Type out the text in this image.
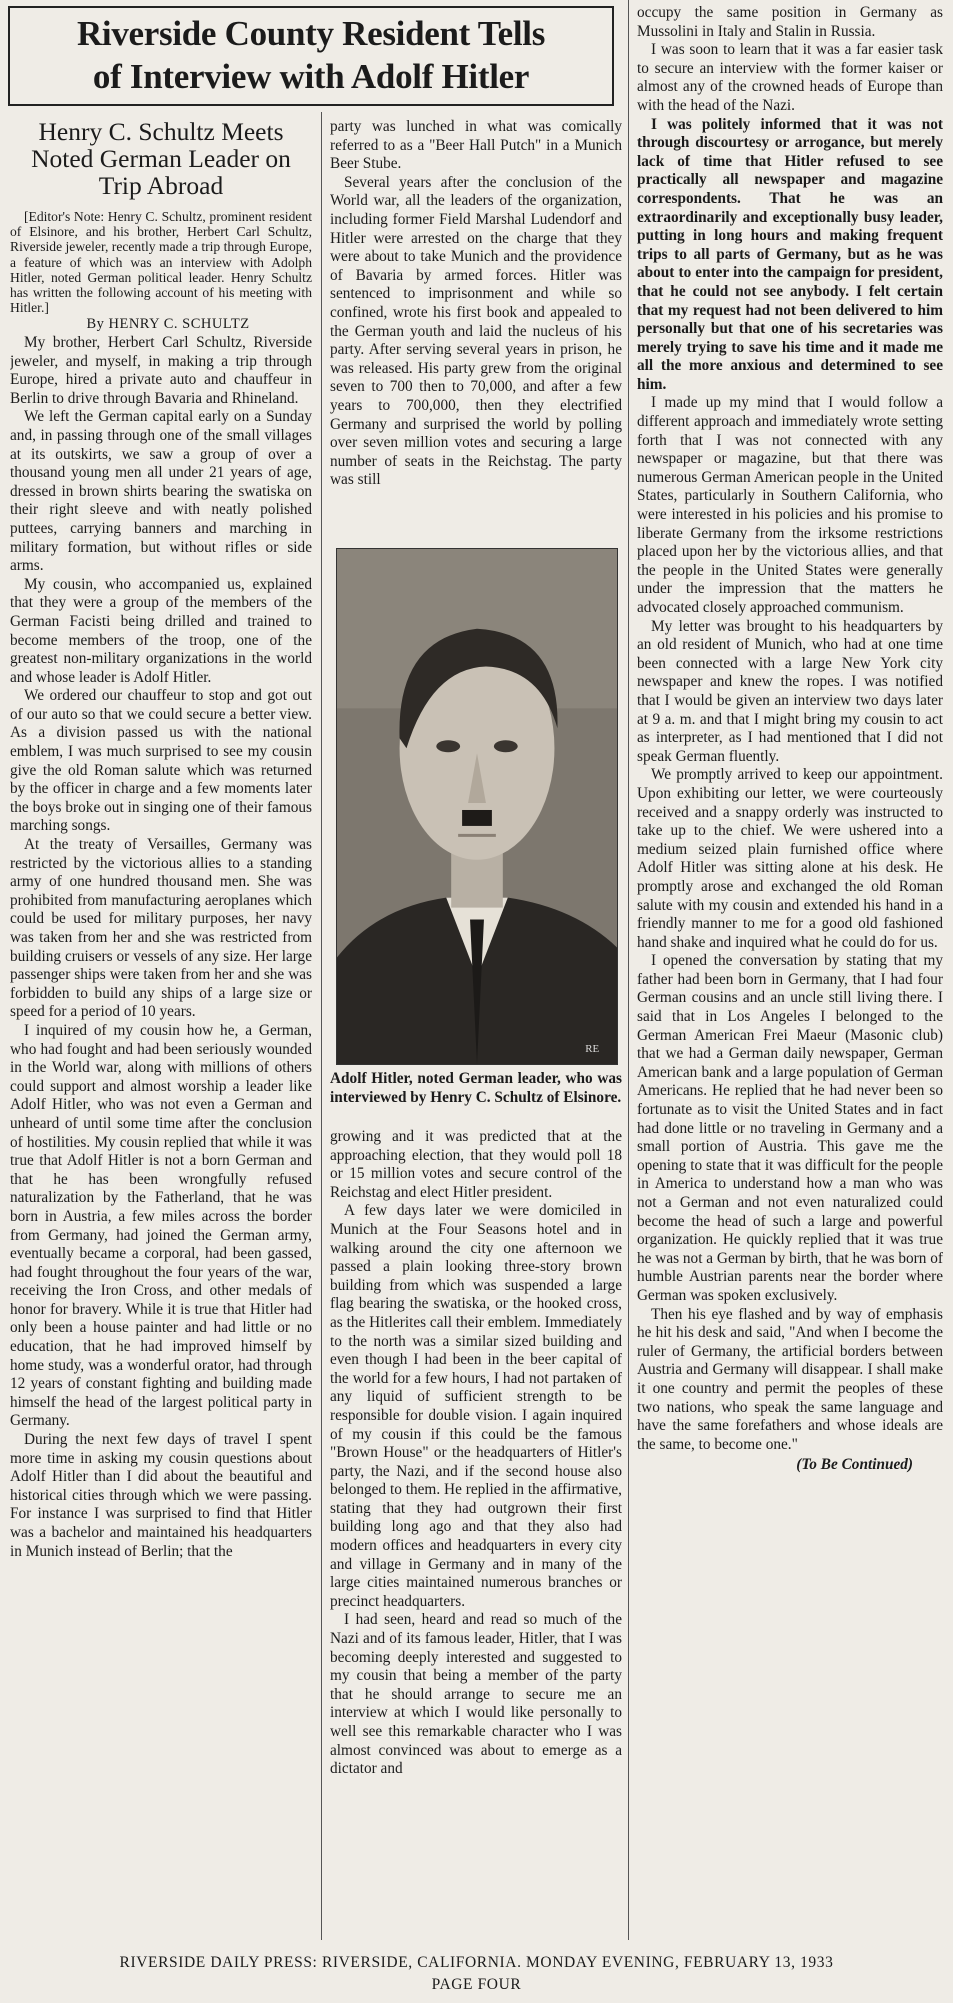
Riverside County Resident Tells
of Interview with Adolf Hitler
Henry C. Schultz Meets Noted German Leader on Trip Abroad

[Editor's Note: Henry C. Schultz, prominent resident of Elsinore, and his brother, Herbert Carl Schultz, Riverside jeweler, recently made a trip through Europe, a feature of which was an interview with Adolph Hitler, noted German political leader. Henry Schultz has written the following account of his meeting with Hitler.]

By HENRY C. SCHULTZ

My brother, Herbert Carl Schultz, Riverside jeweler, and myself, in making a trip through Europe, hired a private auto and chauffeur in Berlin to drive through Bavaria and Rhineland.

We left the German capital early on a Sunday and, in passing through one of the small villages at its outskirts, we saw a group of over a thousand young men all under 21 years of age, dressed in brown shirts bearing the swatiska on their right sleeve and with neatly polished puttees, carrying banners and marching in military formation, but without rifles or side arms.

My cousin, who accompanied us, explained that they were a group of the members of the German Facisti being drilled and trained to become members of the troop, one of the greatest non-military organizations in the world and whose leader is Adolf Hitler.

We ordered our chauffeur to stop and got out of our auto so that we could secure a better view. As a division passed us with the national emblem, I was much surprised to see my cousin give the old Roman salute which was returned by the officer in charge and a few moments later the boys broke out in singing one of their famous marching songs.

At the treaty of Versailles, Germany was restricted by the victorious allies to a standing army of one hundred thousand men. She was prohibited from manufacturing aeroplanes which could be used for military purposes, her navy was taken from her and she was restricted from building cruisers or vessels of any size. Her large passenger ships were taken from her and she was forbidden to build any ships of a large size or speed for a period of 10 years.

I inquired of my cousin how he, a German, who had fought and had been seriously wounded in the World war, along with millions of others could support and almost worship a leader like Adolf Hitler, who was not even a German and unheard of until some time after the conclusion of hostilities. My cousin replied that while it was true that Adolf Hitler is not a born German and that he has been wrongfully refused naturalization by the Fatherland, that he was born in Austria, a few miles across the border from Germany, had joined the German army, eventually became a corporal, had been gassed, had fought throughout the four years of the war, receiving the Iron Cross, and other medals of honor for bravery. While it is true that Hitler had only been a house painter and had little or no education, that he had improved himself by home study, was a wonderful orator, had through 12 years of constant fighting and building made himself the head of the largest political party in Germany.

During the next few days of travel I spent more time in asking my cousin questions about Adolf Hitler than I did about the beautiful and historical cities through which we were passing. For instance I was surprised to find that Hitler was a bachelor and maintained his headquarters in Munich instead of Berlin; that the

party was lunched in what was comically referred to as a "Beer Hall Putch" in a Munich Beer Stube.

Several years after the conclusion of the World war, all the leaders of the organization, including former Field Marshal Ludendorf and Hitler were arrested on the charge that they were about to take Munich and the providence of Bavaria by armed forces. Hitler was sentenced to imprisonment and while so confined, wrote his first book and appealed to the German youth and laid the nucleus of his party. After serving several years in prison, he was released. His party grew from the original seven to 700 then to 70,000, and after a few years to 700,000, then they electrified Germany and surprised the world by polling over seven million votes and securing a large number of seats in the Reichstag. The party was still

RE
Adolf Hitler, noted German leader, who was interviewed by Henry C. Schultz of Elsinore.

growing and it was predicted that at the approaching election, that they would poll 18 or 15 million votes and secure control of the Reichstag and elect Hitler president.

A few days later we were domiciled in Munich at the Four Seasons hotel and in walking around the city one afternoon we passed a plain looking three-story brown building from which was suspended a large flag bearing the swatiska, or the hooked cross, as the Hitlerites call their emblem. Immediately to the north was a similar sized building and even though I had been in the beer capital of the world for a few hours, I had not partaken of any liquid of sufficient strength to be responsible for double vision. I again inquired of my cousin if this could be the famous "Brown House" or the headquarters of Hitler's party, the Nazi, and if the second house also belonged to them. He replied in the affirmative, stating that they had outgrown their first building long ago and that they also had modern offices and headquarters in every city and village in Germany and in many of the large cities maintained numerous branches or precinct headquarters.

I had seen, heard and read so much of the Nazi and of its famous leader, Hitler, that I was becoming deeply interested and suggested to my cousin that being a member of the party that he should arrange to secure me an interview at which I would like personally to well see this remarkable character who I was almost convinced was about to emerge as a dictator and

occupy the same position in Germany as Mussolini in Italy and Stalin in Russia.

I was soon to learn that it was a far easier task to secure an interview with the former kaiser or almost any of the crowned heads of Europe than with the head of the Nazi.

I was politely informed that it was not through discourtesy or arrogance, but merely lack of time that Hitler refused to see practically all newspaper and magazine correspondents. That he was an extraordinarily and exceptionally busy leader, putting in long hours and making frequent trips to all parts of Germany, but as he was about to enter into the campaign for president, that he could not see anybody. I felt certain that my request had not been delivered to him personally but that one of his secretaries was merely trying to save his time and it made me all the more anxious and determined to see him.

I made up my mind that I would follow a different approach and immediately wrote setting forth that I was not connected with any newspaper or magazine, but that there was numerous German American people in the United States, particularly in Southern California, who were interested in his policies and his promise to liberate Germany from the irksome restrictions placed upon her by the victorious allies, and that the people in the United States were generally under the impression that the matters he advocated closely approached communism.

My letter was brought to his headquarters by an old resident of Munich, who had at one time been connected with a large New York city newspaper and knew the ropes. I was notified that I would be given an interview two days later at 9 a. m. and that I might bring my cousin to act as interpreter, as I had mentioned that I did not speak German fluently.

We promptly arrived to keep our appointment. Upon exhibiting our letter, we were courteously received and a snappy orderly was instructed to take up to the chief. We were ushered into a medium seized plain furnished office where Adolf Hitler was sitting alone at his desk. He promptly arose and exchanged the old Roman salute with my cousin and extended his hand in a friendly manner to me for a good old fashioned hand shake and inquired what he could do for us.

I opened the conversation by stating that my father had been born in Germany, that I had four German cousins and an uncle still living there. I said that in Los Angeles I belonged to the German American Frei Maeur (Masonic club) that we had a German daily newspaper, German American bank and a large population of German Americans. He replied that he had never been so fortunate as to visit the United States and in fact had done little or no traveling in Germany and a small portion of Austria. This gave me the opening to state that it was difficult for the people in America to understand how a man who was not a German and not even naturalized could become the head of such a large and powerful organization. He quickly replied that it was true he was not a German by birth, that he was born of humble Austrian parents near the border where German was spoken exclusively.

Then his eye flashed and by way of emphasis he hit his desk and said, "And when I become the ruler of Germany, the artificial borders between Austria and Germany will disappear. I shall make it one country and permit the peoples of these two nations, who speak the same language and have the same forefathers and whose ideals are the same, to become one."

(To Be Continued)

RIVERSIDE DAILY PRESS: RIVERSIDE, CALIFORNIA. MONDAY EVENING, FEBRUARY 13, 1933
PAGE FOUR
